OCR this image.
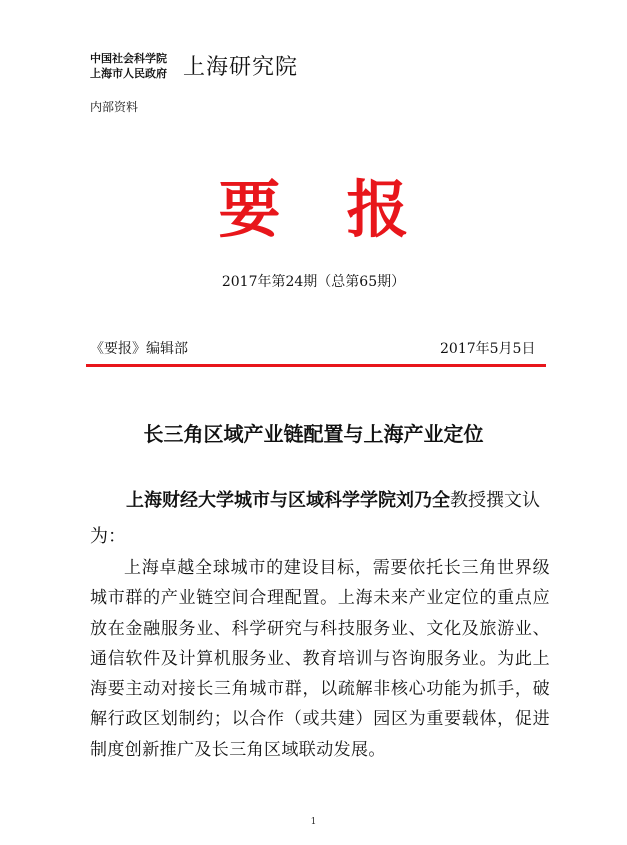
中国社会科学院
上海市人民政府 上海研究院
内部资料
要 报
2017年第24期（总第65期）
《要报》编辑部	2017年5月5日
长三角区域产业链配置与上海产业定位
上海财经大学城市与区域科学学院刘乃全教授撰文认为：
上海卓越全球城市的建设目标，需要依托长三角世界级城市群的产业链空间合理配置。上海未来产业定位的重点应放在金融服务业、科学研究与科技服务业、文化及旅游业、通信软件及计算机服务业、教育培训与咨询服务业。为此上海要主动对接长三角城市群，以疏解非核心功能为抓手，破解行政区划制约；以合作（或共建）园区为重要载体，促进制度创新推广及长三角区域联动发展。
1
